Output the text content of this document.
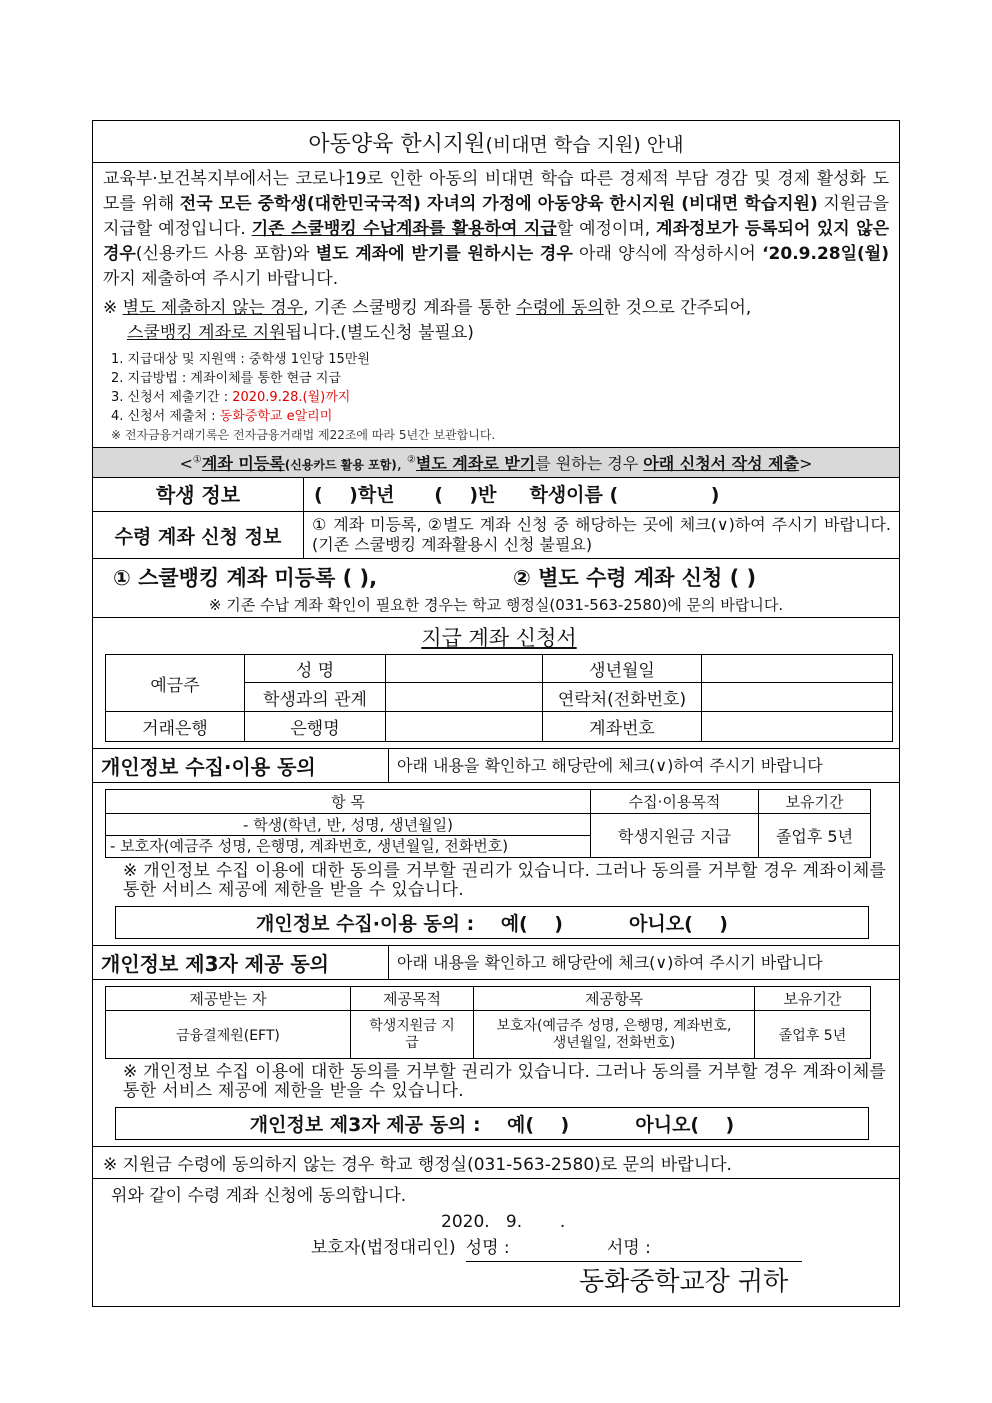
아동양육 한시지원(비대면 학습 지원) 안내
교육부·보건복지부에서는 코로나19로 인한 아동의 비대면 학습 따른 경제적 부담 경감 및 경제 활성화 도모를 위해 전국 모든 중학생(대한민국국적) 자녀의 가정에 아동양육 한시지원 (비대면 학습지원) 지원금을 지급할 예정입니다. 기존 스쿨뱅킹 수납계좌를 활용하여 지급할 예정이며, 계좌정보가 등록되어 있지 않은 경우(신용카드 사용 포함)와 별도 계좌에 받기를 원하시는 경우 아래 양식에 작성하시어 ‘20.9.28일(월)까지 제출하여 주시기 바랍니다.
※ 별도 제출하지 않는 경우, 기존 스쿨뱅킹 계좌를 통한 수령에 동의한 것으로 간주되어,
스쿨뱅킹 계좌로 지원됩니다.(별도신청 불필요)
1. 지급대상 및 지원액 : 중학생 1인당 15만원
2. 지급방법 : 계좌이체를 통한 현금 지급
3. 신청서 제출기간 : 2020.9.28.(월)까지
4. 신청서 제출처 : 동화중학교 e알리미
※ 전자금융거래기록은 전자금융거래법 제22조에 따라 5년간 보관합니다.
<①계좌 미등록(신용카드 활용 포함), ②별도 계좌로 받기를 원하는 경우 아래 신청서 작성 제출>
학생 정보	(    )학년      (    )반     학생이름 (              )
수령 계좌 신청 정보
① 계좌 미등록, ②별도 계좌 신청 중 해당하는 곳에 체크(∨)하여 주시기 바랍니다. (기존 스쿨뱅킹 계좌활용시 신청 불필요)
① 스쿨뱅킹 계좌 미등록 ( ),	② 별도 수령 계좌 신청 ( )
※ 기존 수납 계좌 확인이 필요한 경우는 학교 행정실(031-563-2580)에 문의 바랍니다.
지급 계좌 신청서
예금주	성 명		생년월일	
	학생과의 관계		연락처(전화번호)	
거래은행	은행명		계좌번호	
개인정보 수집·이용 동의	아래 내용을 확인하고 해당란에 체크(∨)하여 주시기 바랍니다
항 목	수집·이용목적	보유기간

- 학생(학년, 반, 성명, 생년월일)
- 보호자(예금주 성명, 은행명, 계좌번호, 생년월일, 전화번호)	학생지원금 지급	졸업후 5년
※ 개인정보 수집 이용에 대한 동의를 거부할 권리가 있습니다. 그러나 동의를 거부할 경우 계좌이체를 통한 서비스 제공에 제한을 받을 수 있습니다.
개인정보 수집·이용 동의 :    예(    )          아니오(    )
개인정보 제3자 제공 동의	아래 내용을 확인하고 해당란에 체크(∨)하여 주시기 바랍니다
제공받는 자	제공목적	제공항목	보유기간
금융결제원(EFT)	학생지원금 지급	보호자(예금주 성명, 은행명, 계좌번호, 생년월일, 전화번호)	졸업후 5년
※ 개인정보 수집 이용에 대한 동의를 거부할 권리가 있습니다. 그러나 동의를 거부할 경우 계좌이체를 통한 서비스 제공에 제한을 받을 수 있습니다.
개인정보 제3자 제공 동의 :    예(    )          아니오(    )
※ 지원금 수령에 동의하지 않는 경우 학교 행정실(031-563-2580)로 문의 바랍니다.
위와 같이 수령 계좌 신청에 동의합니다.
2020.   9.       .
보호자(법정대리인) 성명 :                  서명 :
동화중학교장 귀하
